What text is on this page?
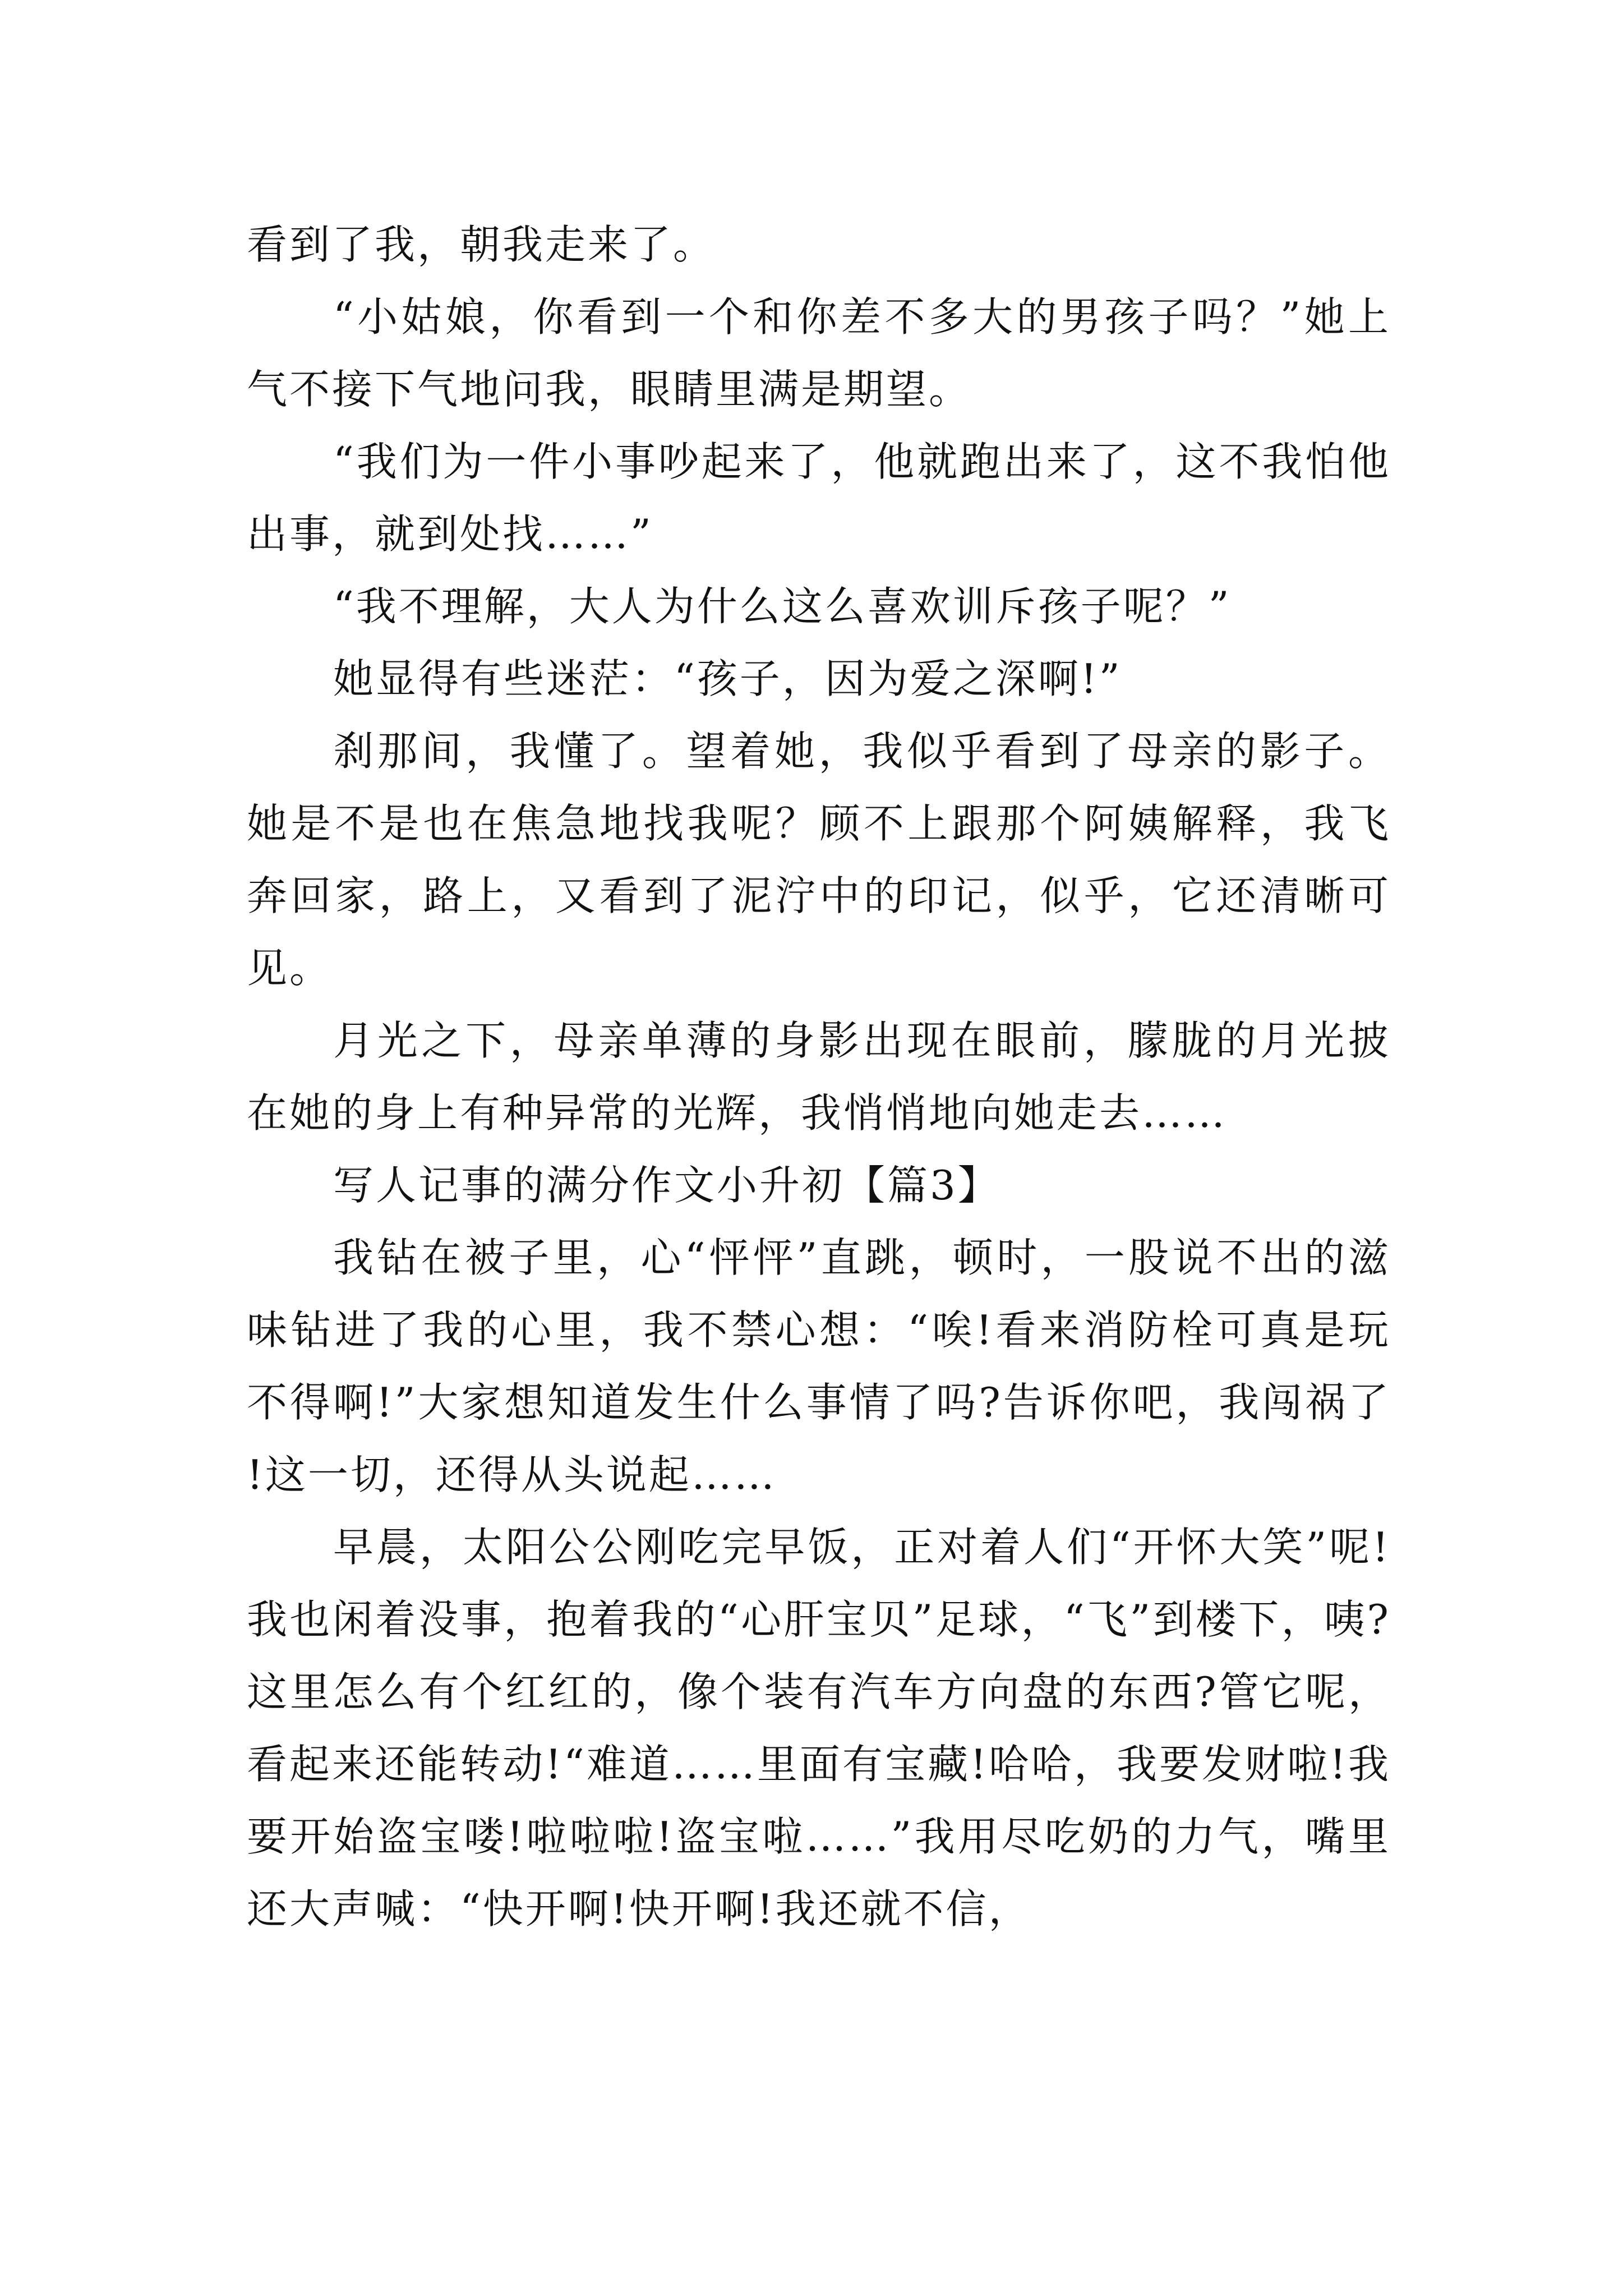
看到了我，朝我走来了。

“小姑娘，你看到一个和你差不多大的男孩子吗？”她上气不接下气地问我，眼睛里满是期望。

“我们为一件小事吵起来了，他就跑出来了，这不我怕他出事，就到处找……”

“我不理解，大人为什么这么喜欢训斥孩子呢？”

她显得有些迷茫：“孩子，因为爱之深啊!”

刹那间，我懂了。望着她，我似乎看到了母亲的影子。她是不是也在焦急地找我呢？顾不上跟那个阿姨解释，我飞奔回家，路上，又看到了泥泞中的印记，似乎，它还清晰可见。

月光之下，母亲单薄的身影出现在眼前，朦胧的月光披在她的身上有种异常的光辉，我悄悄地向她走去……

写人记事的满分作文小升初【篇3】

我钻在被子里，心“怦怦”直跳，顿时，一股说不出的滋味钻进了我的心里，我不禁心想：“唉!看来消防栓可真是玩不得啊!”大家想知道发生什么事情了吗?告诉你吧，我闯祸了!这一切，还得从头说起……

早晨，太阳公公刚吃完早饭，正对着人们“开怀大笑”呢!我也闲着没事，抱着我的“心肝宝贝”足球，“飞”到楼下，咦?这里怎么有个红红的，像个装有汽车方向盘的东西?管它呢，看起来还能转动!“难道……里面有宝藏!哈哈，我要发财啦!我要开始盗宝喽!啦啦啦!盗宝啦……”我用尽吃奶的力气，嘴里还大声喊：“快开啊!快开啊!我还就不信，
